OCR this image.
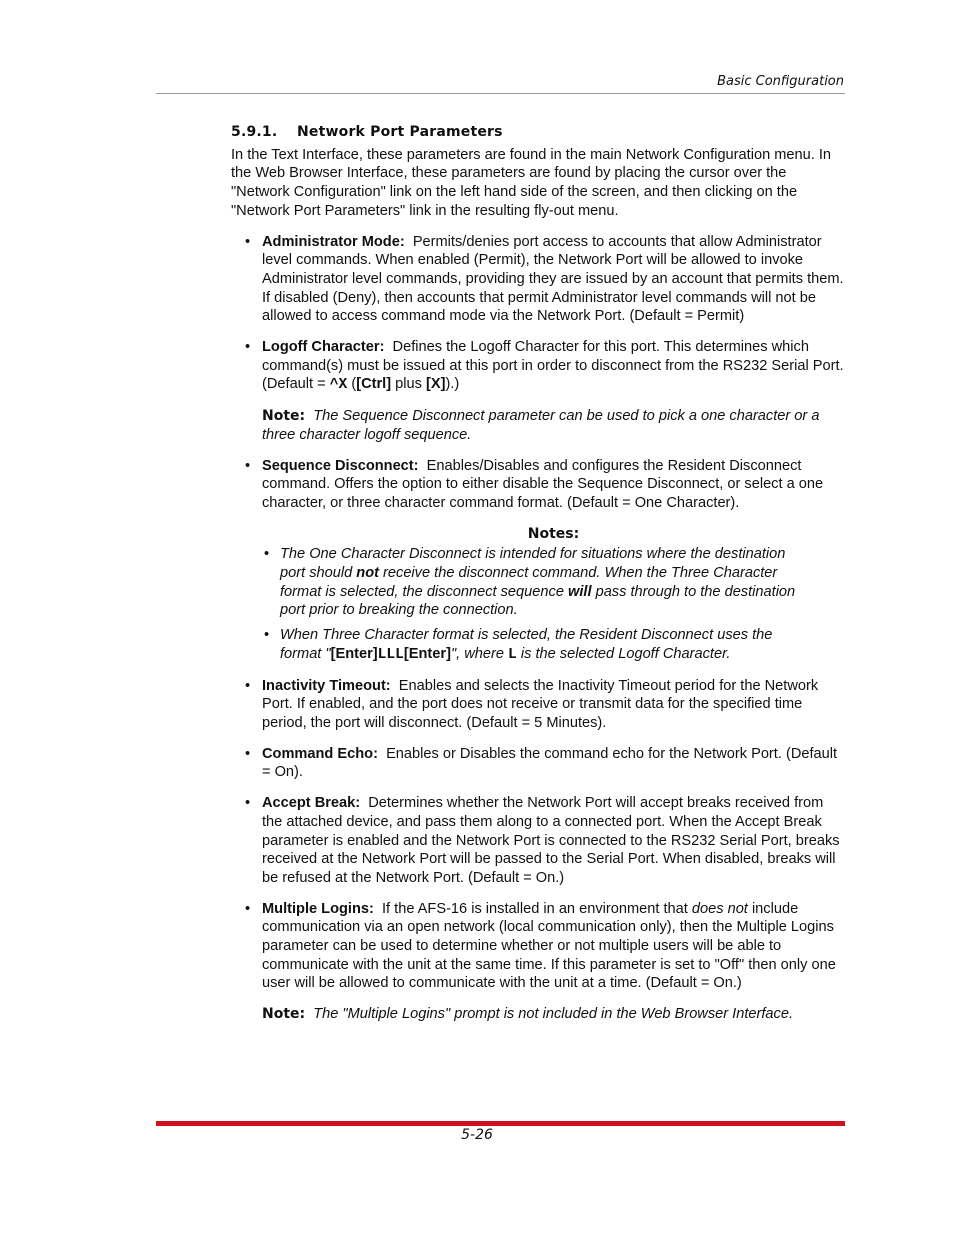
Basic Configuration
5.9.1. Network Port Parameters

In the Text Interface, these parameters are found in the main Network Configuration menu. In the Web Browser Interface, these parameters are found by placing the cursor over the "Network Configuration" link on the left hand side of the screen, and then clicking on the "Network Port Parameters" link in the resulting fly-out menu.

• Administrator Mode: Permits/denies port access to accounts that allow Administrator level commands. When enabled (Permit), the Network Port will be allowed to invoke Administrator level commands, providing they are issued by an account that permits them. If disabled (Deny), then accounts that permit Administrator level commands will not be allowed to access command mode via the Network Port. (Default = Permit)
• Logoff Character: Defines the Logoff Character for this port. This determines which command(s) must be issued at this port in order to disconnect from the RS232 Serial Port. (Default = ^X ([Ctrl] plus [X]).)

Note: The Sequence Disconnect parameter can be used to pick a one character or a three character logoff sequence.

• Sequence Disconnect: Enables/Disables and configures the Resident Disconnect command. Offers the option to either disable the Sequence Disconnect, or select a one character, or three character command format. (Default = One Character).
Notes:
• The One Character Disconnect is intended for situations where the destination port should not receive the disconnect command. When the Three Character format is selected, the disconnect sequence will pass through to the destination port prior to breaking the connection.
• When Three Character format is selected, the Resident Disconnect uses the format "[Enter]LLL[Enter]", where L is the selected Logoff Character.
• Inactivity Timeout: Enables and selects the Inactivity Timeout period for the Network Port. If enabled, and the port does not receive or transmit data for the specified time period, the port will disconnect. (Default = 5 Minutes).
• Command Echo: Enables or Disables the command echo for the Network Port. (Default = On).
• Accept Break: Determines whether the Network Port will accept breaks received from the attached device, and pass them along to a connected port. When the Accept Break parameter is enabled and the Network Port is connected to the RS232 Serial Port, breaks received at the Network Port will be passed to the Serial Port. When disabled, breaks will be refused at the Network Port. (Default = On.)
• Multiple Logins: If the AFS-16 is installed in an environment that does not include communication via an open network (local communication only), then the Multiple Logins parameter can be used to determine whether or not multiple users will be able to communicate with the unit at the same time. If this parameter is set to "Off" then only one user will be allowed to communicate with the unit at a time. (Default = On.)

Note: The "Multiple Logins" prompt is not included in the Web Browser Interface.

5-26
